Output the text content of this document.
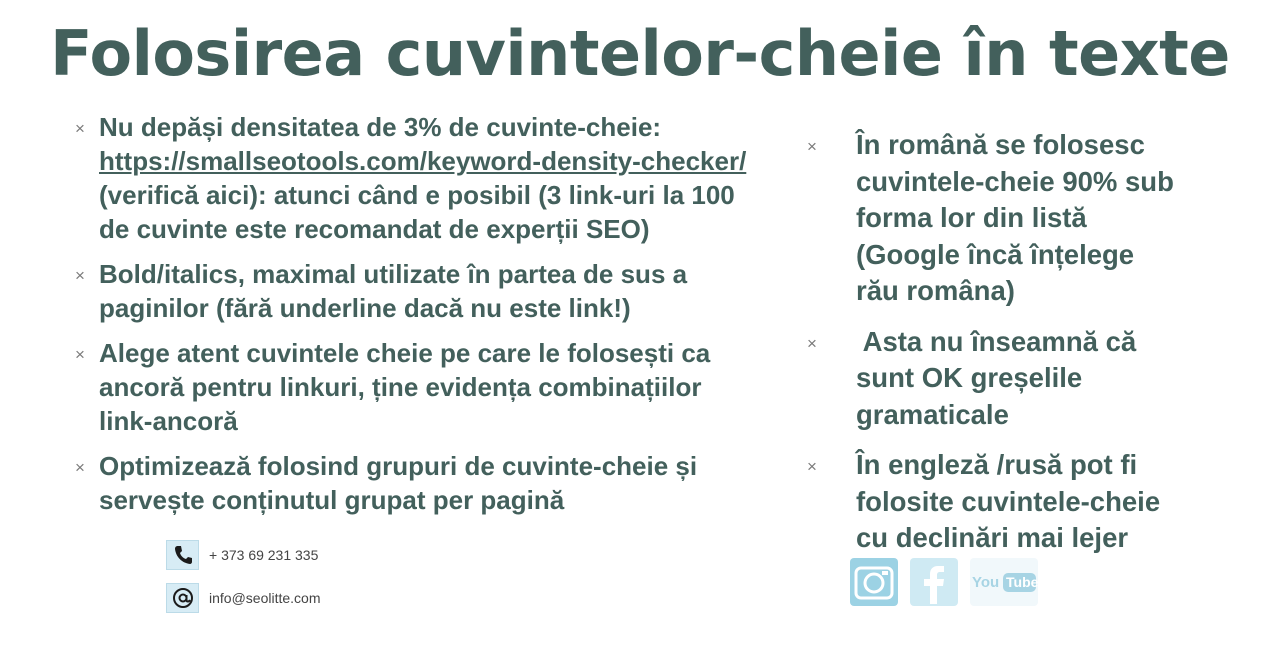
Folosirea cuvintelor-cheie în texte
× Nu depăși densitatea de 3% de cuvinte-cheie:
https://smallseotools.com/keyword-density-checker/
(verifică aici): atunci când e posibil (3 link-uri la 100
de cuvinte este recomandat de experții SEO)
× Bold/italics, maximal utilizate în partea de sus a
paginilor (fără underline dacă nu este link!)
× Alege atent cuvintele cheie pe care le folosești ca
ancoră pentru linkuri, ține evidența combinațiilor
link-ancoră
× Optimizează folosind grupuri de cuvinte-cheie și
servește conținutul grupat per pagină
× În română se folosesc
cuvintele-cheie 90% sub
forma lor din listă
(Google încă înțelege
rău româna)
× Asta nu înseamnă că
sunt OK greșelile
gramaticale
× În engleză /rusă pot fi
folosite cuvintele-cheie
cu declinări mai lejer
+ 373 69 231 335
info@seolitte.com
You Tube
